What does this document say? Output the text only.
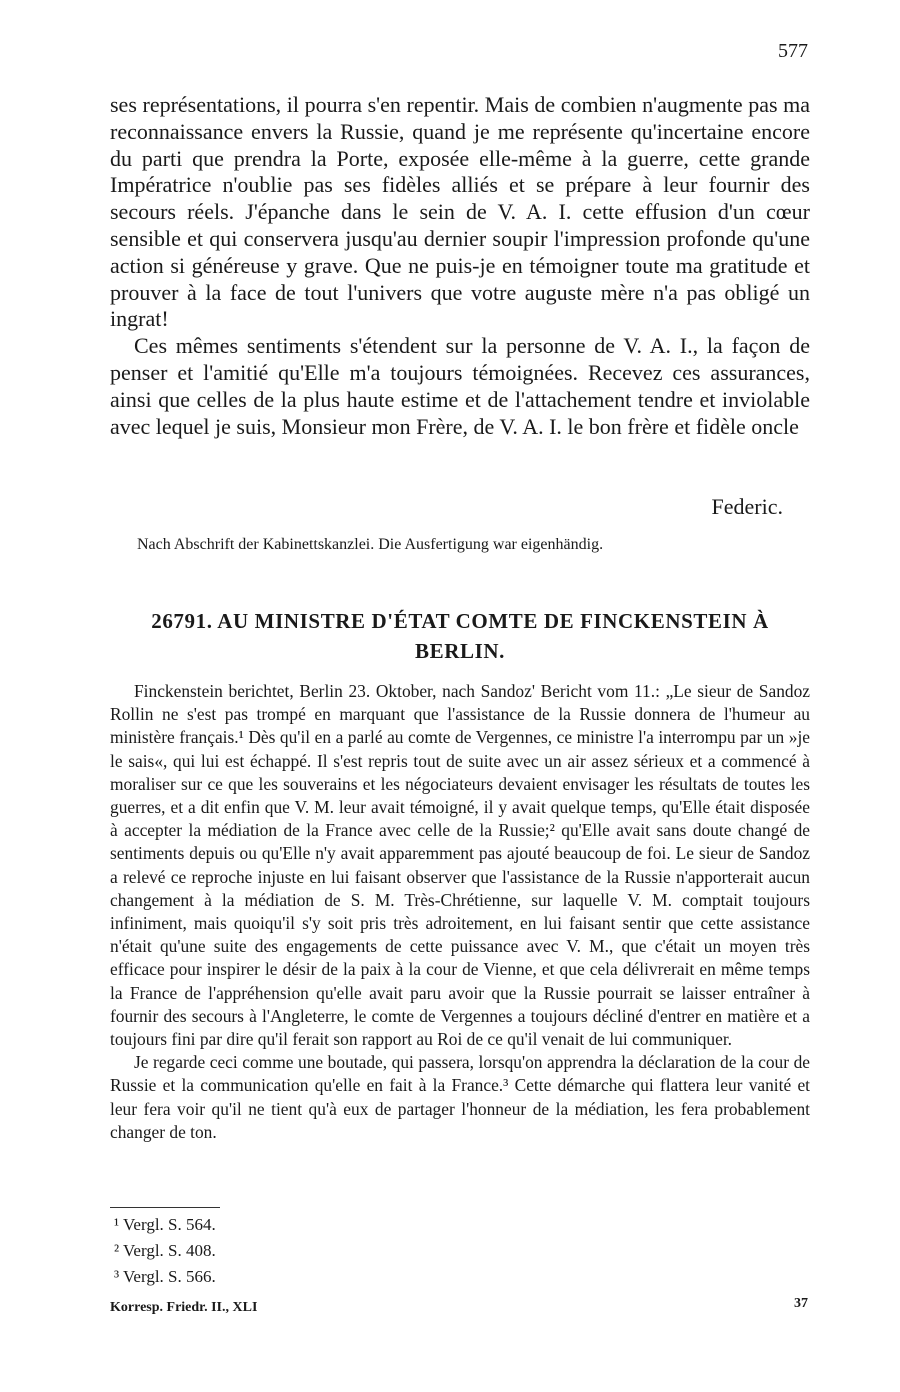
577

ses représentations, il pourra s'en repentir. Mais de combien n'augmente pas ma reconnaissance envers la Russie, quand je me représente qu'incertaine encore du parti que prendra la Porte, exposée elle-même à la guerre, cette grande Impératrice n'oublie pas ses fidèles alliés et se prépare à leur fournir des secours réels. J'épanche dans le sein de V. A. I. cette effusion d'un cœur sensible et qui conservera jusqu'au dernier soupir l'impression profonde qu'une action si généreuse y grave. Que ne puis-je en témoigner toute ma gratitude et prouver à la face de tout l'univers que votre auguste mère n'a pas obligé un ingrat!

Ces mêmes sentiments s'étendent sur la personne de V. A. I., la façon de penser et l'amitié qu'Elle m'a toujours témoignées. Recevez ces assurances, ainsi que celles de la plus haute estime et de l'attachement tendre et inviolable avec lequel je suis, Monsieur mon Frère, de V. A. I. le bon frère et fidèle oncle

Federic.
Nach Abschrift der Kabinettskanzlei. Die Ausfertigung war eigenhändig.
26791. AU MINISTRE D'ÉTAT COMTE DE FINCKENSTEIN À BERLIN.

Finckenstein berichtet, Berlin 23. Oktober, nach Sandoz' Bericht vom 11.: „Le sieur de Sandoz Rollin ne s'est pas trompé en marquant que l'assistance de la Russie donnera de l'humeur au ministère français.¹ Dès qu'il en a parlé au comte de Vergennes, ce ministre l'a interrompu par un »je le sais«, qui lui est échappé. Il s'est repris tout de suite avec un air assez sérieux et a commencé à moraliser sur ce que les souverains et les négociateurs devaient envisager les résultats de toutes les guerres, et a dit enfin que V. M. leur avait témoigné, il y avait quelque temps, qu'Elle était disposée à accepter la médiation de la France avec celle de la Russie;² qu'Elle avait sans doute changé de sentiments depuis ou qu'Elle n'y avait apparemment pas ajouté beaucoup de foi. Le sieur de Sandoz a relevé ce reproche injuste en lui faisant observer que l'assistance de la Russie n'apporterait aucun changement à la médiation de S. M. Très-Chrétienne, sur laquelle V. M. comptait toujours infiniment, mais quoiqu'il s'y soit pris très adroitement, en lui faisant sentir que cette assistance n'était qu'une suite des engagements de cette puissance avec V. M., que c'était un moyen très efficace pour inspirer le désir de la paix à la cour de Vienne, et que cela délivrerait en même temps la France de l'appréhension qu'elle avait paru avoir que la Russie pourrait se laisser entraîner à fournir des secours à l'Angleterre, le comte de Vergennes a toujours décliné d'entrer en matière et a toujours fini par dire qu'il ferait son rapport au Roi de ce qu'il venait de lui communiquer.

Je regarde ceci comme une boutade, qui passera, lorsqu'on apprendra la déclaration de la cour de Russie et la communication qu'elle en fait à la France.³ Cette démarche qui flattera leur vanité et leur fera voir qu'il ne tient qu'à eux de partager l'honneur de la médiation, les fera probablement changer de ton.

¹ Vergl. S. 564.
² Vergl. S. 408.
³ Vergl. S. 566.
Korresp. Friedr. II., XLI	37
